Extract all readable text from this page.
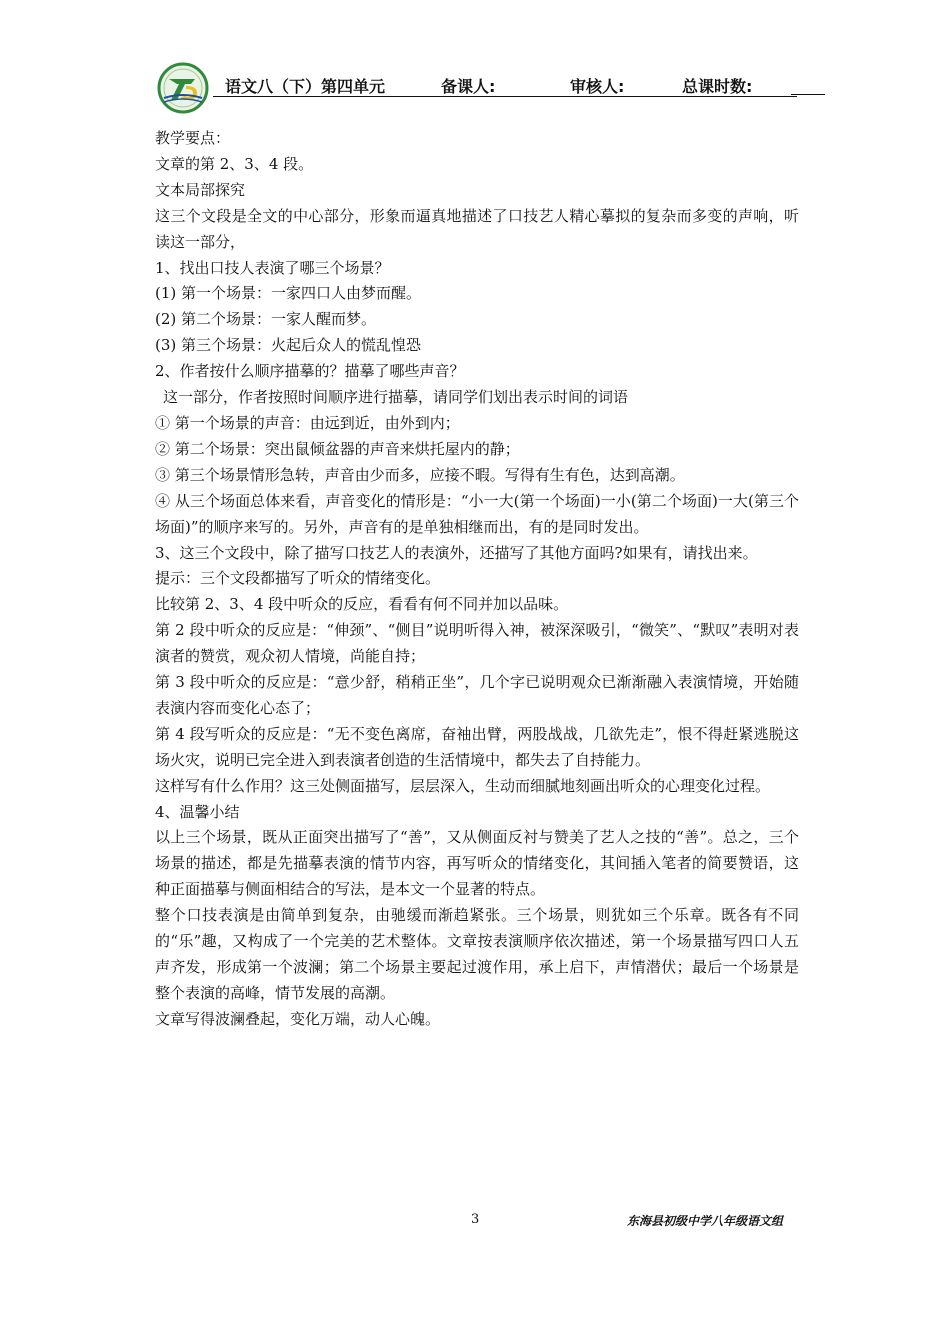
语文八（下）第四单元	备课人:	审核人:	总课时数:

教学要点：

文章的第 2、3、4 段。

文本局部探究

这三个文段是全文的中心部分，形象而逼真地描述了口技艺人精心摹拟的复杂而多变的声响，听读这一部分，

1、找出口技人表演了哪三个场景？

(1) 第一个场景：一家四口人由梦而醒。

(2) 第二个场景：一家人醒而梦。

(3) 第三个场景：火起后众人的慌乱惶恐

2、作者按什么顺序描摹的？描摹了哪些声音？

这一部分，作者按照时间顺序进行描摹，请同学们划出表示时间的词语

① 第一个场景的声音：由远到近，由外到内；

② 第二个场景：突出鼠倾盆器的声音来烘托屋内的静；

③ 第三个场景情形急转，声音由少而多，应接不暇。写得有生有色，达到高潮。

④ 从三个场面总体来看，声音变化的情形是：“小一大(第一个场面)一小(第二个场面)一大(第三个场面)”的顺序来写的。另外，声音有的是单独相继而出，有的是同时发出。

3、这三个文段中，除了描写口技艺人的表演外，还描写了其他方面吗?如果有，请找出来。

提示：三个文段都描写了听众的情绪变化。

比较第 2、3、4 段中听众的反应，看看有何不同并加以品味。

第 2 段中听众的反应是：“伸颈”、“侧目”说明听得入神，被深深吸引，“微笑”、“默叹”表明对表演者的赞赏，观众初人情境，尚能自持；

第 3 段中听众的反应是：“意少舒，稍稍正坐”，几个字已说明观众已渐渐融入表演情境，开始随表演内容而变化心态了；

第 4 段写听众的反应是：“无不变色离席，奋袖出臂，两股战战，几欲先走”，恨不得赶紧逃脱这场火灾，说明已完全进入到表演者创造的生活情境中，都失去了自持能力。

这样写有什么作用？这三处侧面描写，层层深入，生动而细腻地刻画出听众的心理变化过程。

4、温馨小结

以上三个场景，既从正面突出描写了“善”，又从侧面反衬与赞美了艺人之技的“善”。总之，三个场景的描述，都是先描摹表演的情节内容，再写听众的情绪变化，其间插入笔者的简要赞语，这种正面描摹与侧面相结合的写法，是本文一个显著的特点。

整个口技表演是由简单到复杂，由驰缓而渐趋紧张。三个场景，则犹如三个乐章。既各有不同的“乐”趣，又构成了一个完美的艺术整体。文章按表演顺序依次描述，第一个场景描写四口人五声齐发，形成第一个波澜；第二个场景主要起过渡作用，承上启下，声情潜伏；最后一个场景是整个表演的高峰，情节发展的高潮。

文章写得波澜叠起，变化万端，动人心魄。

3	东海县初级中学八年级语文组
